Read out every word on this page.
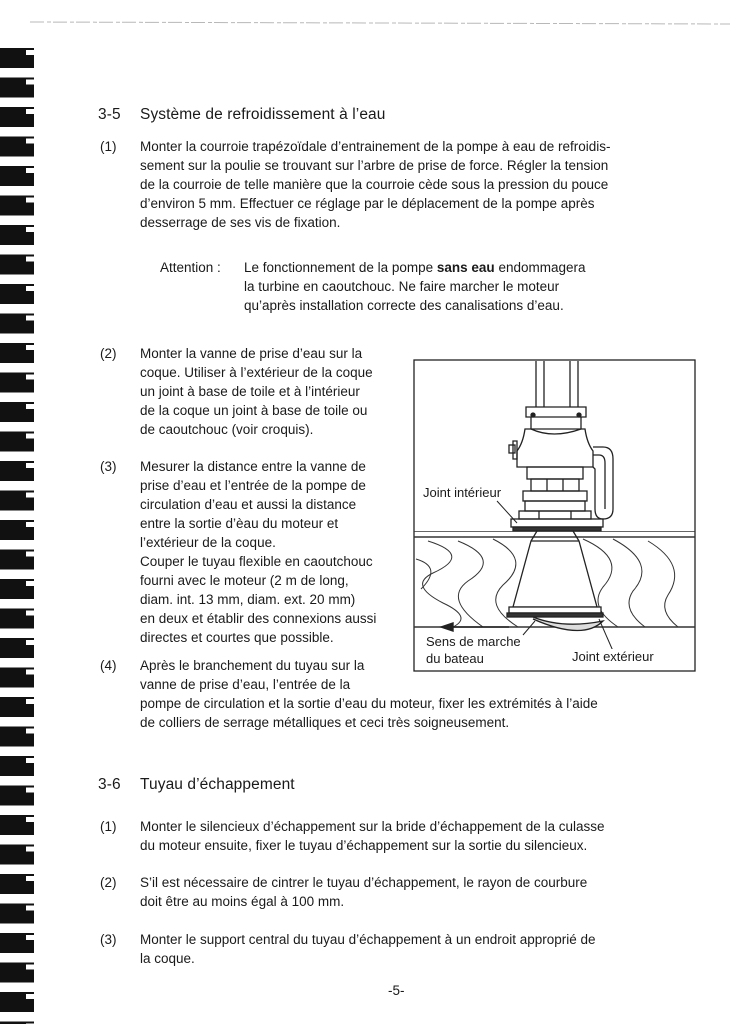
3-5 Système de refroidissement à l’eau
(1) Monter la courroie trapézoïdale d’entrainement de la pompe à eau de refroidis-
sement sur la poulie se trouvant sur l’arbre de prise de force. Régler la tension
de la courroie de telle manière que la courroie cède sous la pression du pouce
d’environ 5 mm. Effectuer ce réglage par le déplacement de la pompe après
desserrage de ses vis de fixation.
Attention : Le fonctionnement de la pompe sans eau endommagera
la turbine en caoutchouc. Ne faire marcher le moteur
qu’après installation correcte des canalisations d’eau.
(2) Monter la vanne de prise d’eau sur la
coque. Utiliser à l’extérieur de la coque
un joint à base de toile et à l’intérieur
de la coque un joint à base de toile ou
de caoutchouc (voir croquis).
(3) Mesurer la distance entre la vanne de
prise d’eau et l’entrée de la pompe de
circulation d’eau et aussi la distance
entre la sortie d’èau du moteur et
l’extérieur de la coque.
Couper le tuyau flexible en caoutchouc
fourni avec le moteur (2 m de long,
diam. int. 13 mm, diam. ext. 20 mm)
en deux et établir des connexions aussi
directes et courtes que possible.
(4) Après le branchement du tuyau sur la
vanne de prise d’eau, l’entrée de la
pompe de circulation et la sortie d’eau du moteur, fixer les extrémités à l’aide
de colliers de serrage métalliques et ceci très soigneusement.
Joint intérieur
Sens de marche
du bateau	Joint extérieur
3-6 Tuyau d’échappement
(1) Monter le silencieux d’échappement sur la bride d’échappement de la culasse
du moteur ensuite, fixer le tuyau d’échappement sur la sortie du silencieux.
(2) S’il est nécessaire de cintrer le tuyau d’échappement, le rayon de courbure
doit être au moins égal à 100 mm.
(3) Monter le support central du tuyau d’échappement à un endroit approprié de
la coque.
-5-
